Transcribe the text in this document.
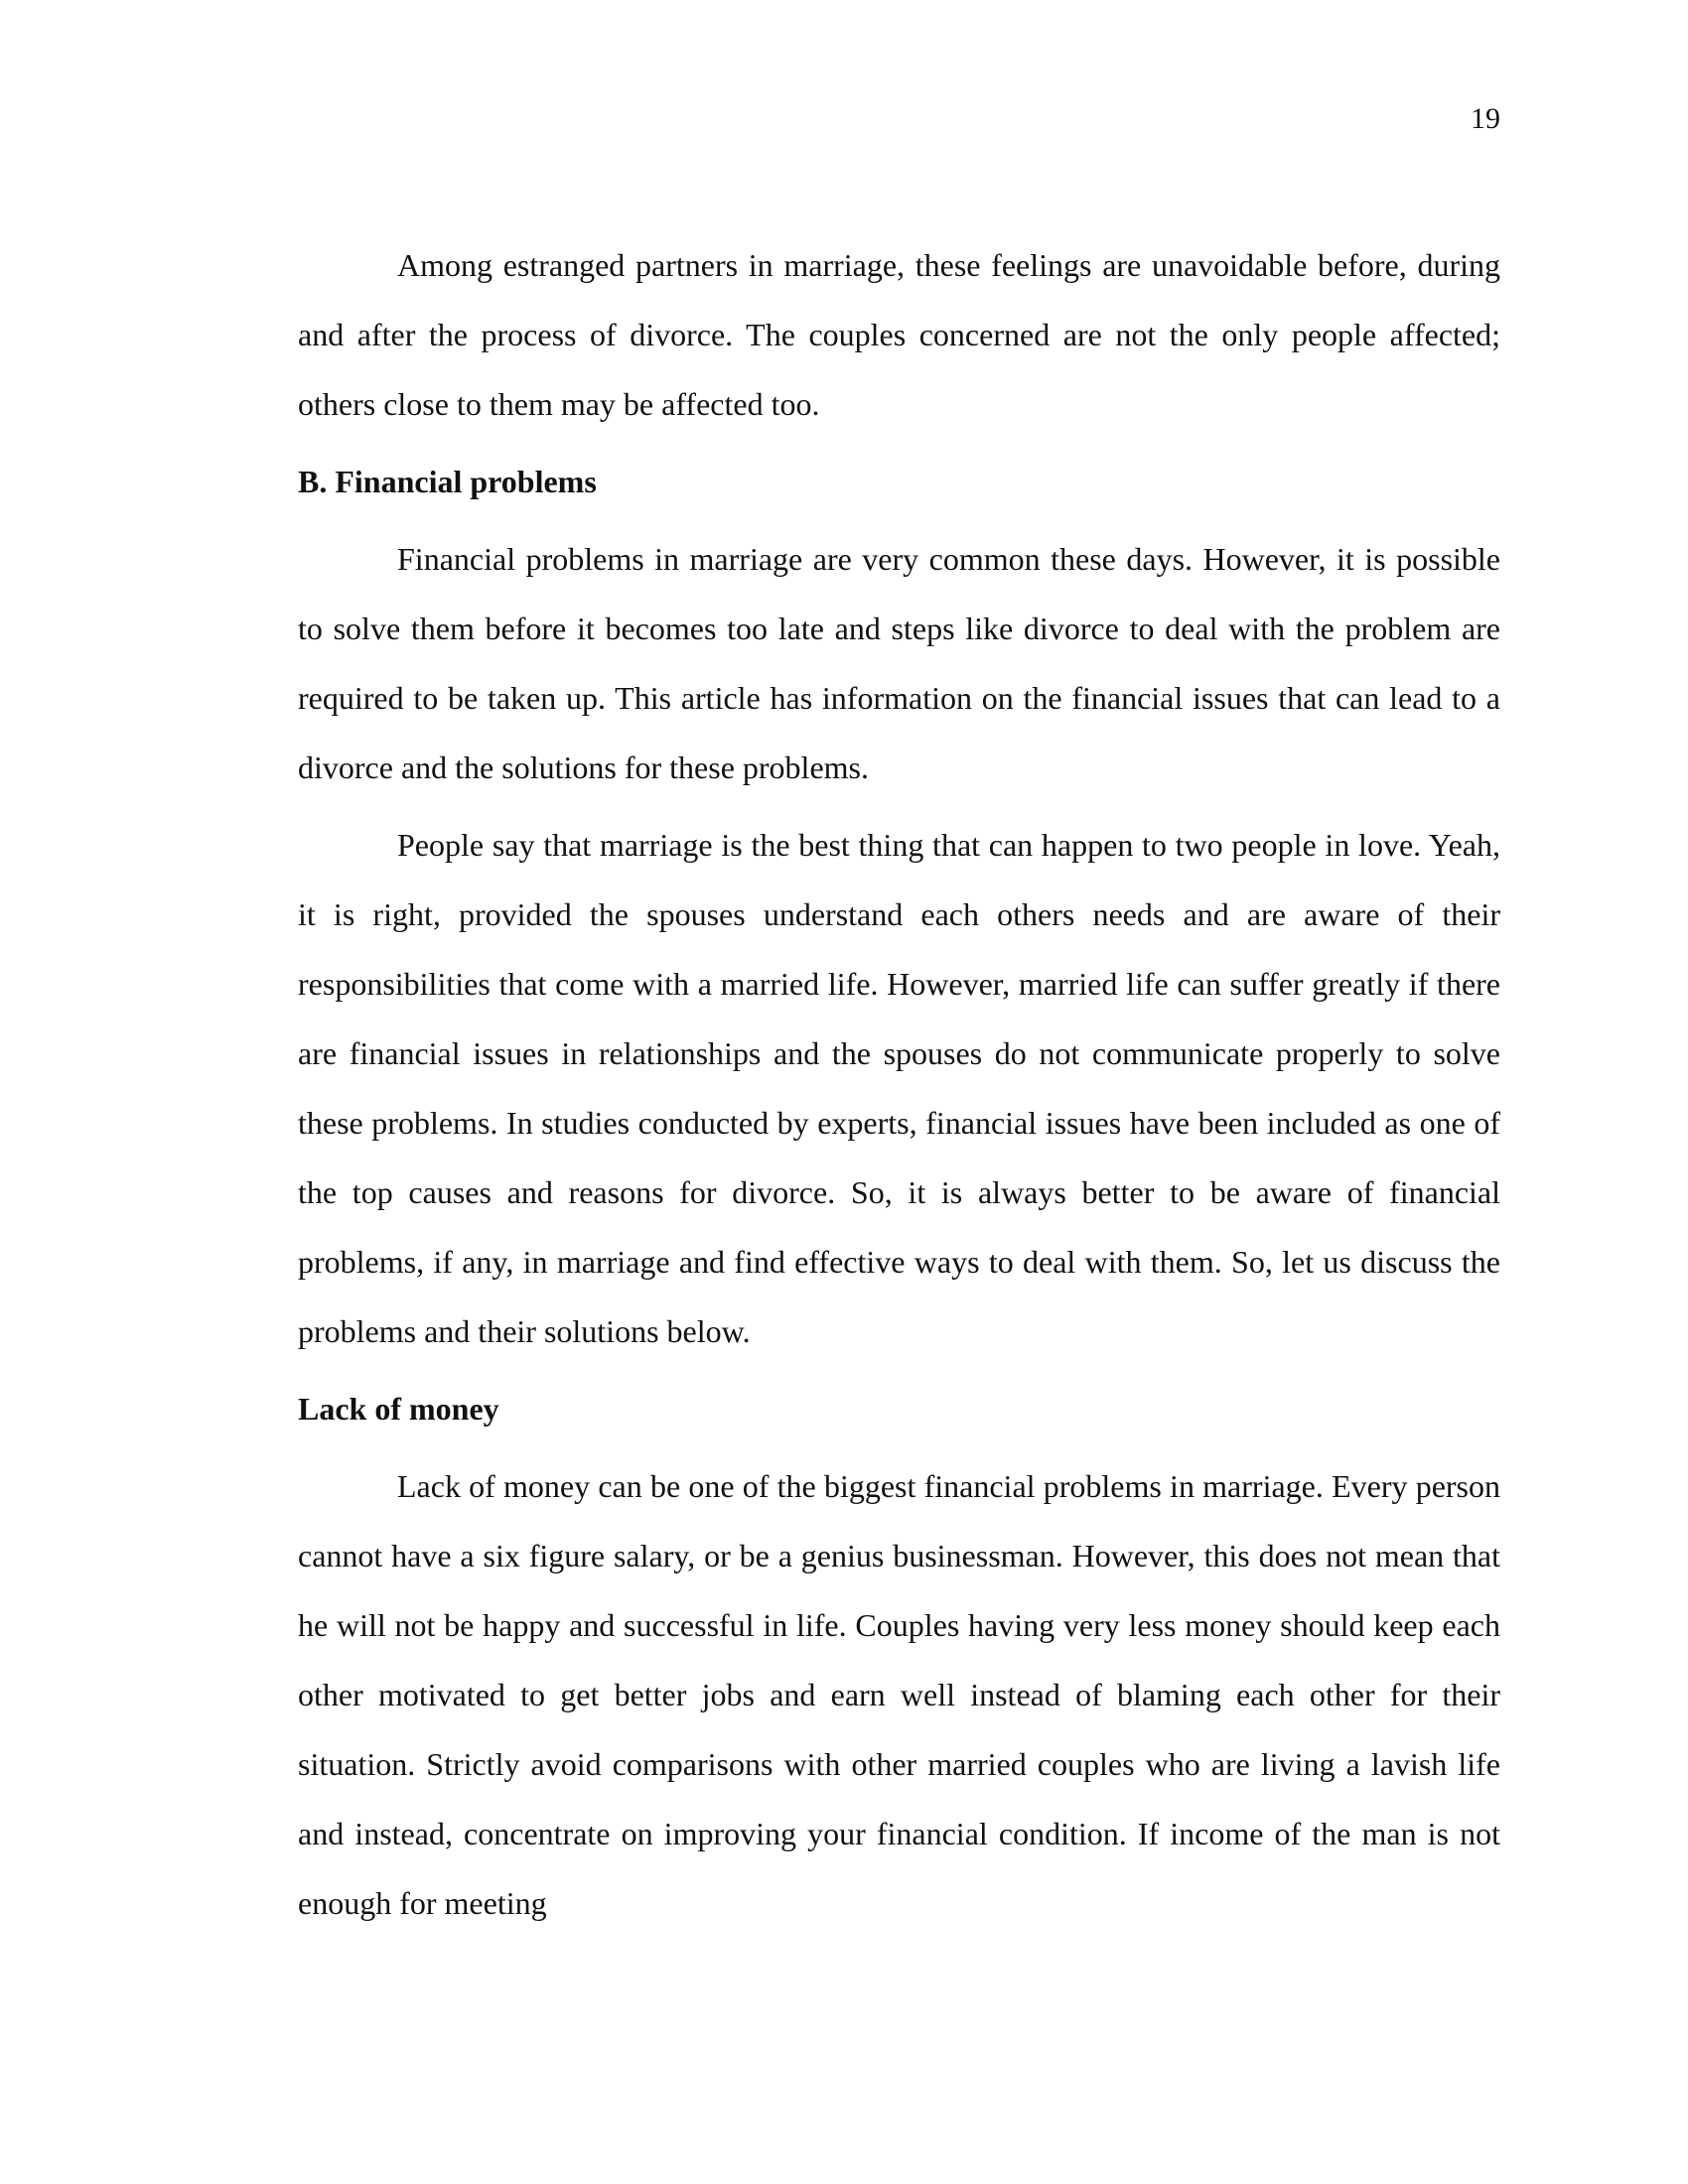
19

Among estranged partners in marriage, these feelings are unavoidable before, during and after the process of divorce. The couples concerned are not the only people affected; others close to them may be affected too.

B. Financial problems

Financial problems in marriage are very common these days. However, it is possible to solve them before it becomes too late and steps like divorce to deal with the problem are required to be taken up. This article has information on the financial issues that can lead to a divorce and the solutions for these problems.

People say that marriage is the best thing that can happen to two people in love. Yeah, it is right, provided the spouses understand each others needs and are aware of their responsibilities that come with a married life. However, married life can suffer greatly if there are financial issues in relationships and the spouses do not communicate properly to solve these problems. In studies conducted by experts, financial issues have been included as one of the top causes and reasons for divorce. So, it is always better to be aware of financial problems, if any, in marriage and find effective ways to deal with them. So, let us discuss the problems and their solutions below.

Lack of money

Lack of money can be one of the biggest financial problems in marriage. Every person cannot have a six figure salary, or be a genius businessman. However, this does not mean that he will not be happy and successful in life. Couples having very less money should keep each other motivated to get better jobs and earn well instead of blaming each other for their situation. Strictly avoid comparisons with other married couples who are living a lavish life and instead, concentrate on improving your financial condition. If income of the man is not enough for meeting
